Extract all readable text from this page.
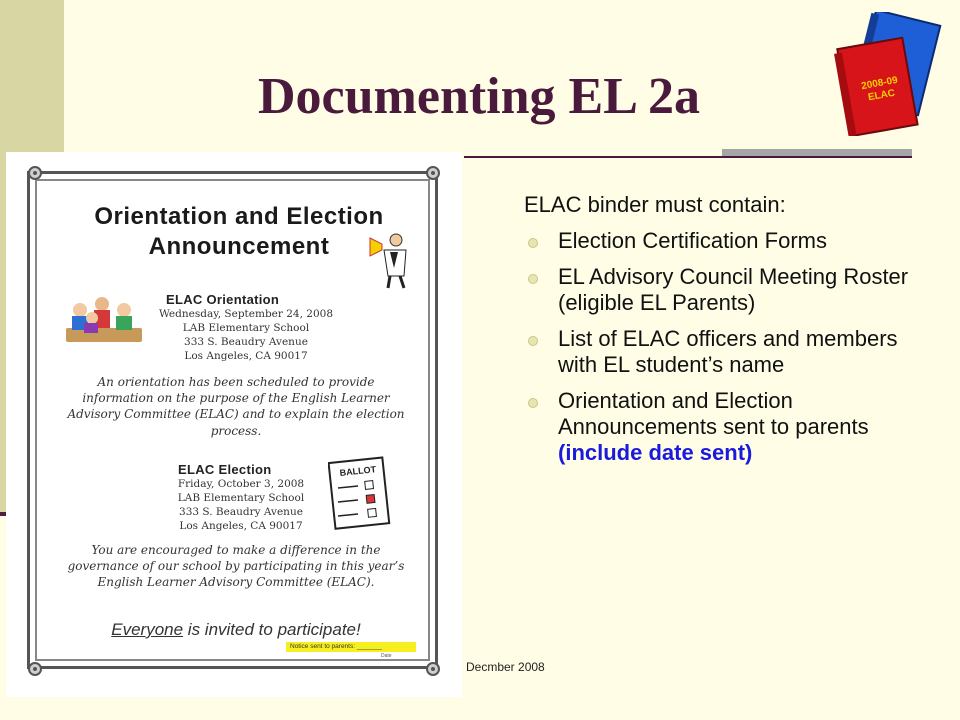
Documenting EL 2a	2008-09
ELAC
Orientation and Election
Announcement
ELAC Orientation
Wednesday, September 24, 2008
LAB Elementary School
333 S. Beaudry Avenue
Los Angeles, CA 90017
An orientation has been scheduled to provide information on the purpose of the English Learner Advisory Committee (ELAC) and to explain the election process.
ELAC Election
Friday, October 3, 2008
LAB Elementary School
333 S. Beaudry Avenue
Los Angeles, CA 90017
BALLOT
You are encouraged to make a difference in the governance of our school by participating in this year’s English Learner Advisory Committee (ELAC).
Everyone is invited to participate!
Notice sent to parents: _______
Date

ELAC binder must contain:

Election Certification Forms
EL Advisory Council Meeting Roster (eligible EL Parents)
List of ELAC officers and members with EL student’s name
Orientation and Election Announcements sent to parents (include date sent)
Decmber 2008
